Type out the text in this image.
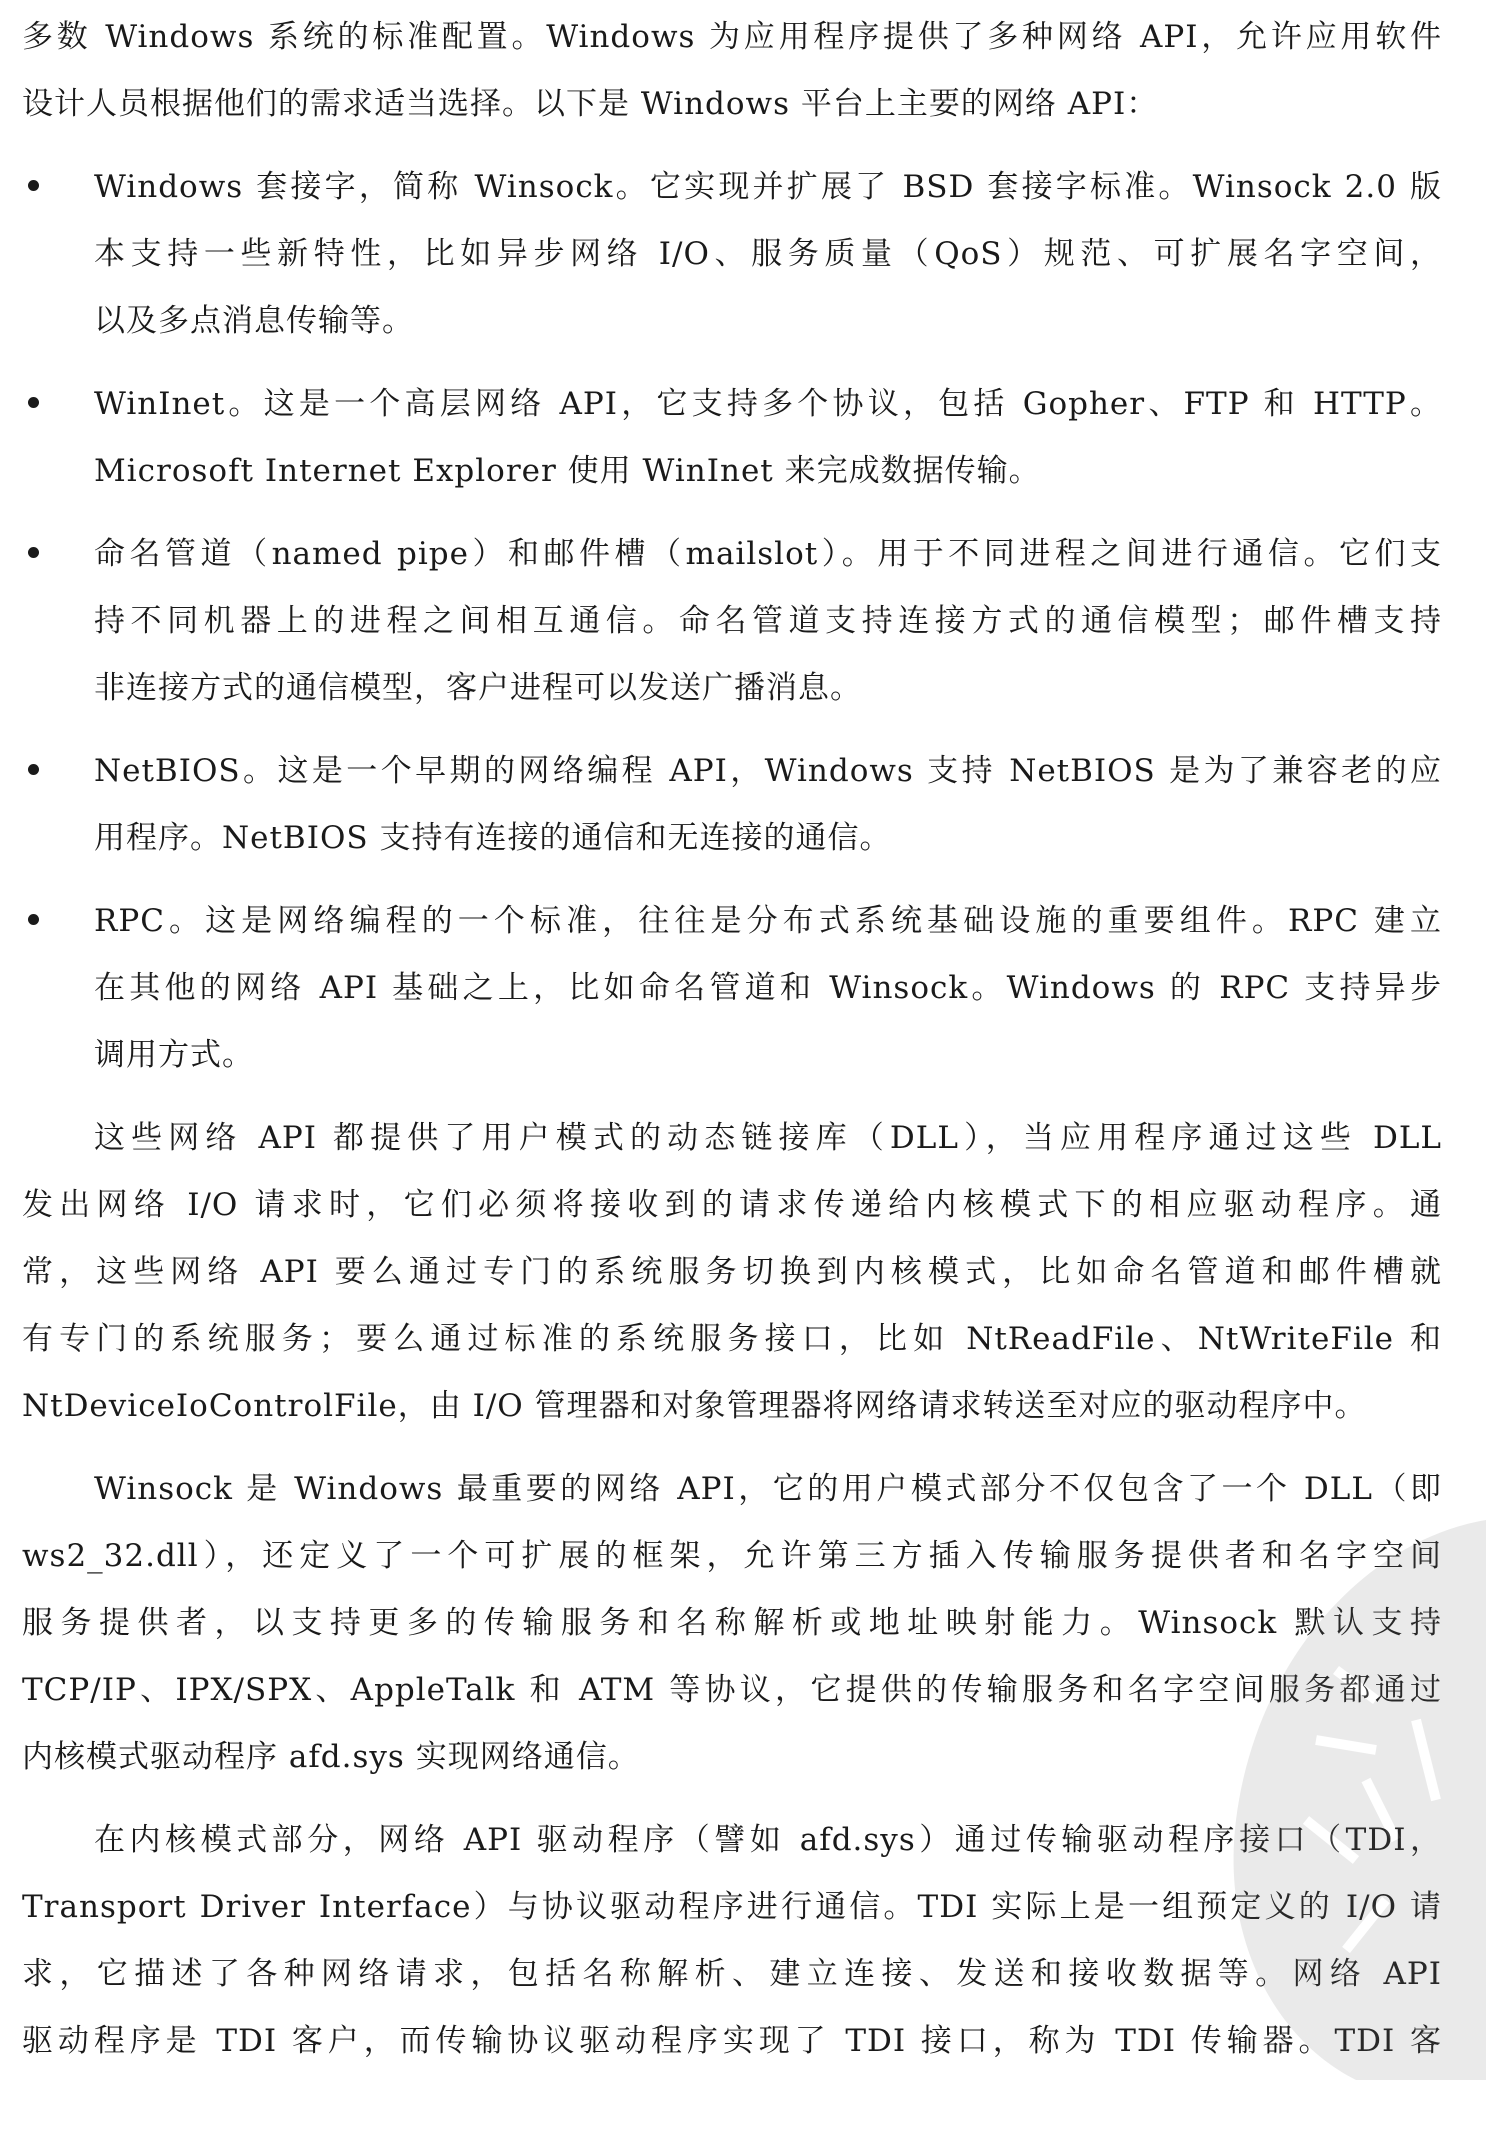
多数 Windows 系统的标准配置。Windows 为应用程序提供了多种网络 API，允许应用软件
设计人员根据他们的需求适当选择。以下是 Windows 平台上主要的网络 API：
Windows 套接字，简称 Winsock。它实现并扩展了 BSD 套接字标准。Winsock 2.0 版
本支持一些新特性，比如异步网络 I/O、服务质量（QoS）规范、可扩展名字空间，
以及多点消息传输等。
WinInet。这是一个高层网络 API，它支持多个协议，包括 Gopher、FTP 和 HTTP。
Microsoft Internet Explorer 使用 WinInet 来完成数据传输。
命名管道（named pipe）和邮件槽（mailslot）。用于不同进程之间进行通信。它们支
持不同机器上的进程之间相互通信。命名管道支持连接方式的通信模型；邮件槽支持
非连接方式的通信模型，客户进程可以发送广播消息。
NetBIOS。这是一个早期的网络编程 API，Windows 支持 NetBIOS 是为了兼容老的应
用程序。NetBIOS 支持有连接的通信和无连接的通信。
RPC。这是网络编程的一个标准，往往是分布式系统基础设施的重要组件。RPC 建立
在其他的网络 API 基础之上，比如命名管道和 Winsock。Windows 的 RPC 支持异步
调用方式。
这些网络 API 都提供了用户模式的动态链接库（DLL），当应用程序通过这些 DLL
发出网络 I/O 请求时，它们必须将接收到的请求传递给内核模式下的相应驱动程序。通
常，这些网络 API 要么通过专门的系统服务切换到内核模式，比如命名管道和邮件槽就
有专门的系统服务；要么通过标准的系统服务接口，比如 NtReadFile、NtWriteFile 和
NtDeviceIoControlFile，由 I/O 管理器和对象管理器将网络请求转送至对应的驱动程序中。
Winsock 是 Windows 最重要的网络 API，它的用户模式部分不仅包含了一个 DLL（即
ws2_32.dll），还定义了一个可扩展的框架，允许第三方插入传输服务提供者和名字空间
服务提供者，以支持更多的传输服务和名称解析或地址映射能力。Winsock 默认支持
TCP/IP、IPX/SPX、AppleTalk 和 ATM 等协议，它提供的传输服务和名字空间服务都通过
内核模式驱动程序 afd.sys 实现网络通信。
在内核模式部分，网络 API 驱动程序（譬如 afd.sys）通过传输驱动程序接口（TDI，
Transport Driver Interface）与协议驱动程序进行通信。TDI 实际上是一组预定义的 I/O 请
求，它描述了各种网络请求，包括名称解析、建立连接、发送和接收数据等。网络 API
驱动程序是 TDI 客户，而传输协议驱动程序实现了 TDI 接口，称为 TDI 传输器。TDI 客
